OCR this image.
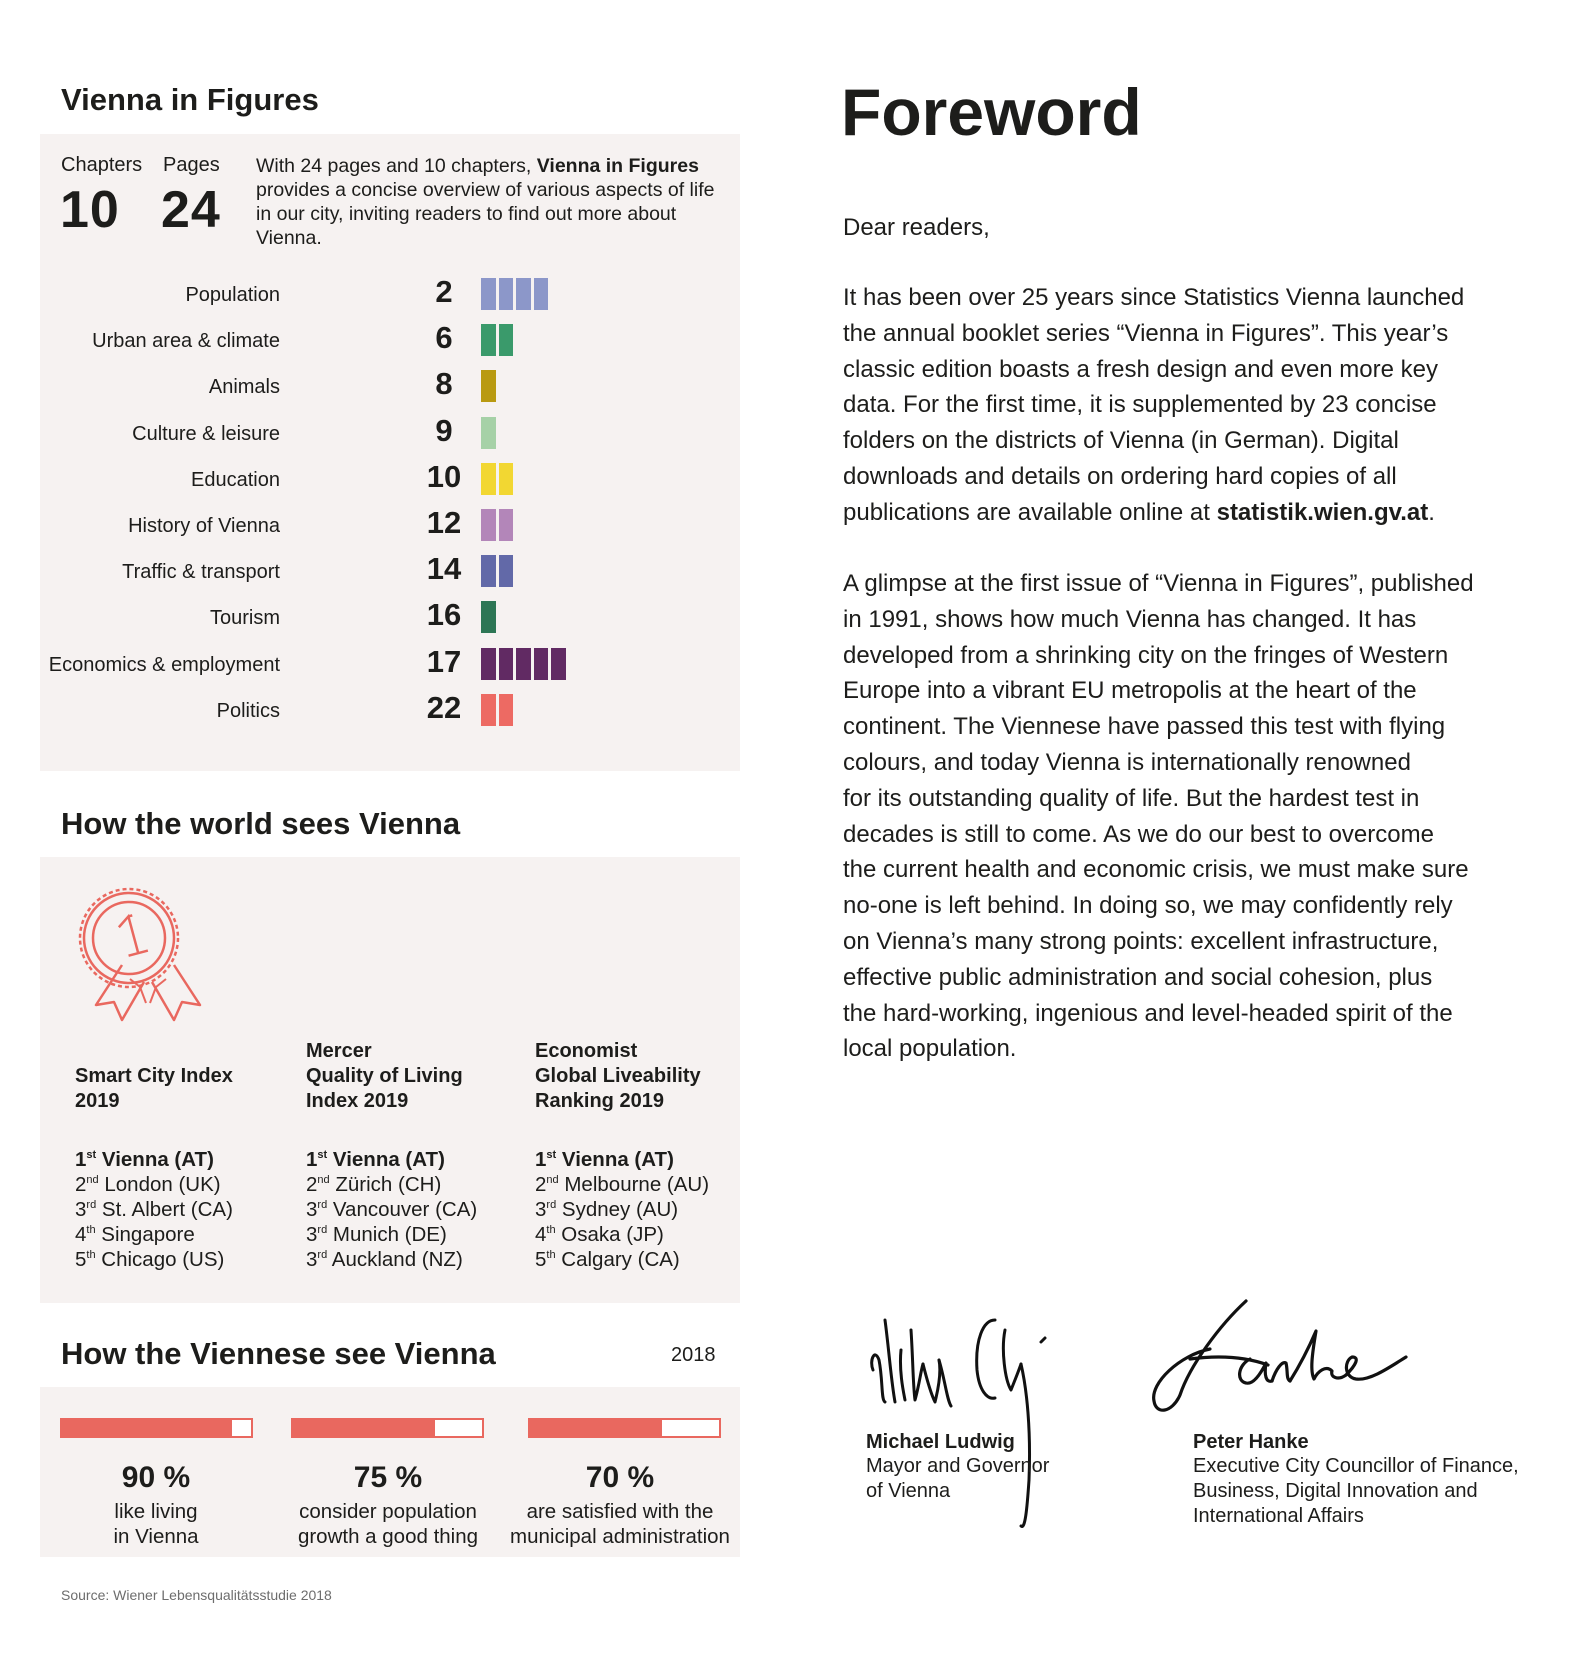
Vienna in Figures
Chapters
10
Pages
24
With 24 pages and 10 chapters, Vienna in Figures provides a concise overview of various aspects of life in our city, inviting readers to find out more about Vienna.
Population	2
Urban area & climate	6
Animals	8
Culture & leisure	9
Education	10
History of Vienna	12
Traffic & transport	14
Tourism	16
Economics & employment	17
Politics	22
How the world sees Vienna
Smart City Index
2019
1st Vienna (AT)
2nd London (UK)
3rd St. Albert (CA)
4th Singapore
5th Chicago (US)
Mercer
Quality of Living
Index 2019
1st Vienna (AT)
2nd Zürich (CH)
3rd Vancouver (CA)
3rd Munich (DE)
3rd Auckland (NZ)
Economist
Global Liveability
Ranking 2019
1st Vienna (AT)
2nd Melbourne (AU)
3rd Sydney (AU)
4th Osaka (JP)
5th Calgary (CA)
How the Viennese see Vienna	2018
90 %
like living
in Vienna
75 %
consider population
growth a good thing
70 %
are satisfied with the
municipal administration
Source: Wiener Lebensqualitätsstudie 2018
Foreword
Dear readers,
It has been over 25 years since Statistics Vienna launched
the annual booklet series “Vienna in Figures”. This year’s
classic edition boasts a fresh design and even more key
data. For the first time, it is supplemented by 23 concise
folders on the districts of Vienna (in German). Digital
downloads and details on ordering hard copies of all
publications are available online at statistik.wien.gv.at.
A glimpse at the first issue of “Vienna in Figures”, published
in 1991, shows how much Vienna has changed. It has
developed from a shrinking city on the fringes of Western
Europe into a vibrant EU metropolis at the heart of the
continent. The Viennese have passed this test with flying
colours, and today Vienna is internationally renowned
for its outstanding quality of life. But the hardest test in
decades is still to come. As we do our best to overcome
the current health and economic crisis, we must make sure
no-one is left behind. In doing so, we may confidently rely
on Vienna’s many strong points: excellent infrastructure,
effective public administration and social cohesion, plus
the hard-working, ingenious and level-headed spirit of the
local population.
Michael Ludwig
Mayor and Governor
of Vienna
Peter Hanke
Executive City Councillor of Finance,
Business, Digital Innovation and
International Affairs
